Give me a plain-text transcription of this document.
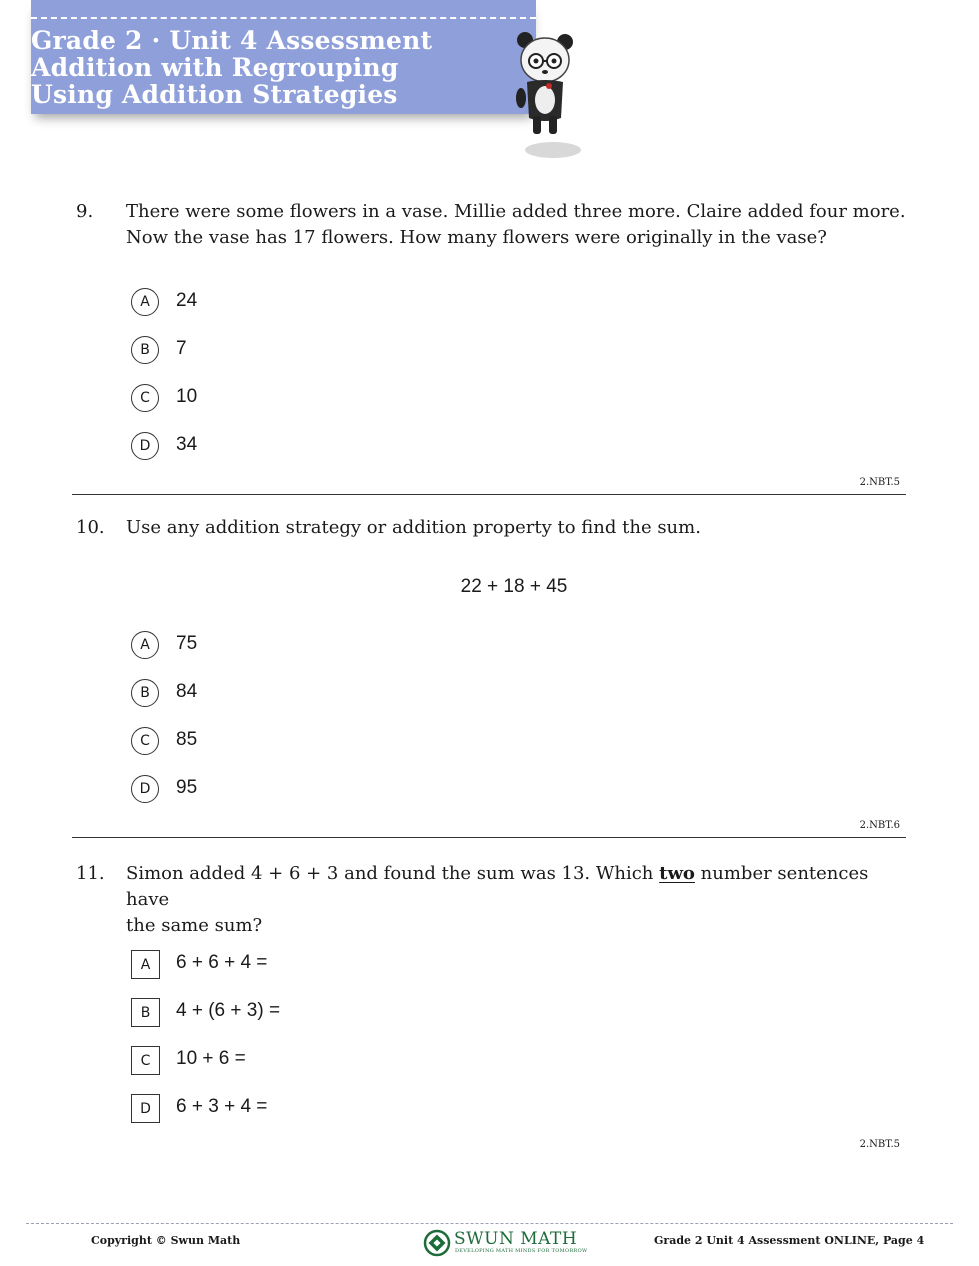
Grade 2 · Unit 4 Assessment
Addition with Regrouping
Using Addition Strategies
9. There were some flowers in a vase. Millie added three more. Claire added four more.
Now the vase has 17 flowers. How many flowers were originally in the vase?
A	24
B	7
C	10
D	34
2.NBT.5
10. Use any addition strategy or addition property to find the sum.
22 + 18 + 45
A	75
B	84
C	85
D	95
2.NBT.6
11. Simon added 4 + 6 + 3 and found the sum was 13. Which two number sentences have
the same sum?
A	6 + 6 + 4 =
B	4 + (6 + 3) =
C	10 + 6 =
D	6 + 3 + 4 =
2.NBT.5
Copyright © Swun Math	SWUN MATH
DEVELOPING MATH MINDS FOR TOMORROW
Grade 2 Unit 4 Assessment ONLINE, Page 4
